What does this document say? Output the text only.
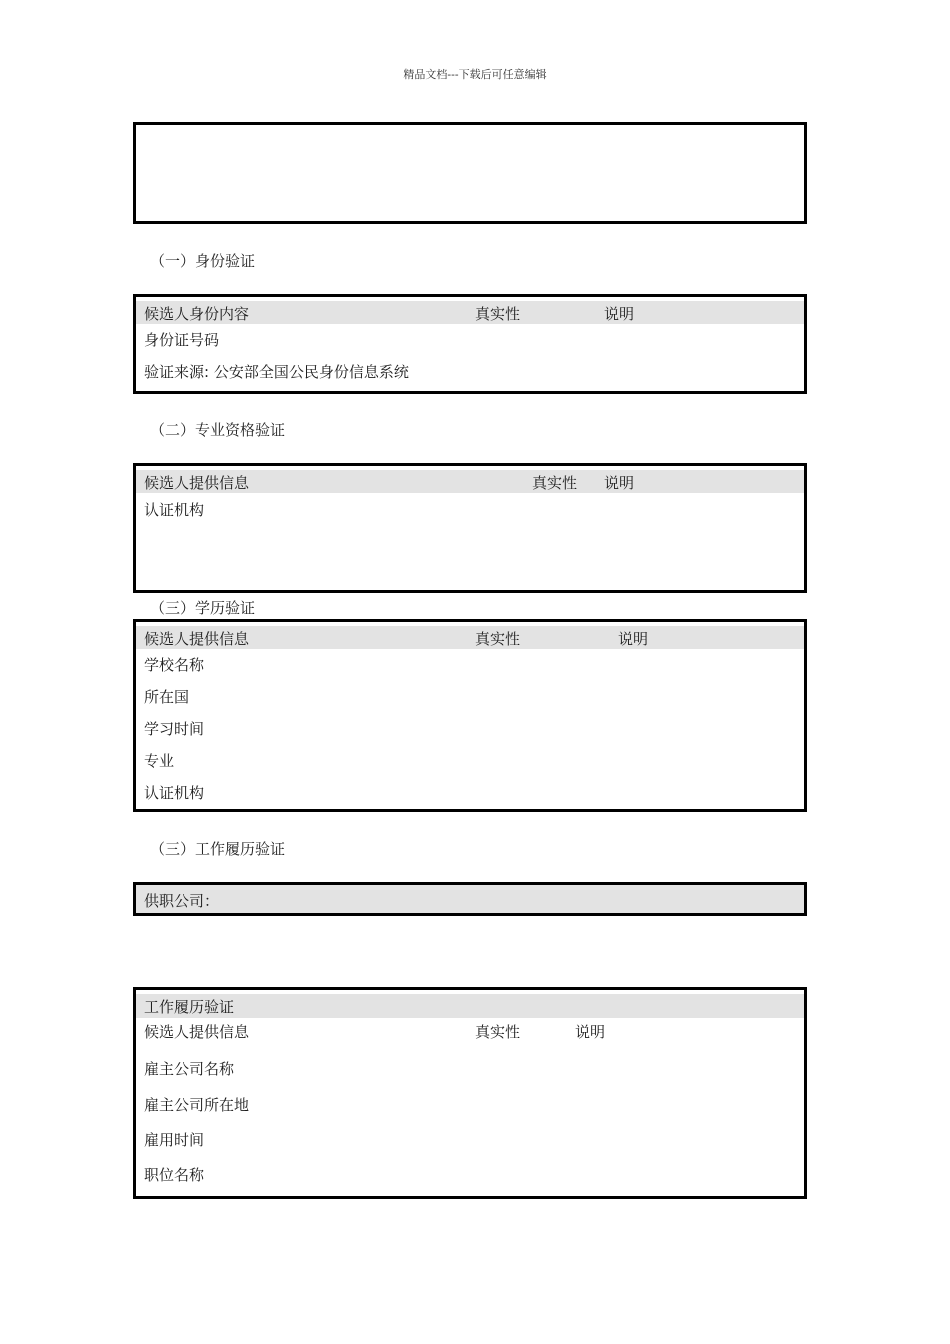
精品文档---下载后可任意编辑
（一）身份验证
候选人身份内容	真实性	说明
身份证号码
验证来源: 公安部全国公民身份信息系统
（二）专业资格验证
候选人提供信息	真实性 说明
认证机构
（三）学历验证
候选人提供信息	真实性	说明
学校名称
所在国
学习时间
专业
认证机构
（三）工作履历验证
供职公司：
工作履历验证
候选人提供信息	真实性	说明
雇主公司名称
雇主公司所在地
雇用时间
职位名称
